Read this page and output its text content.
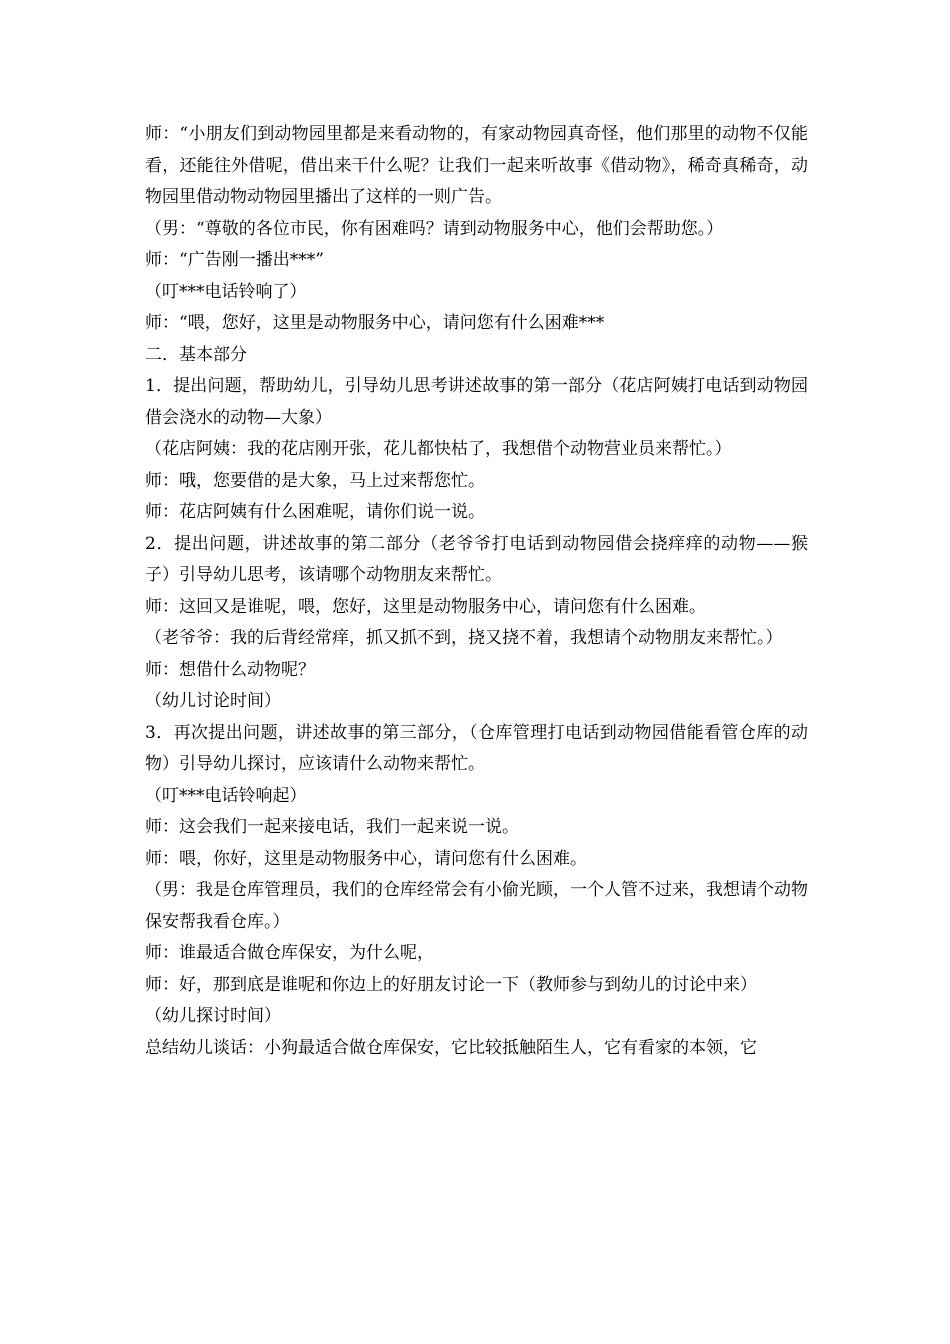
师：“小朋友们到动物园里都是来看动物的，有家动物园真奇怪，他们那里的动物不仅能看，还能往外借呢，借出来干什么呢？让我们一起来听故事《借动物》，稀奇真稀奇，动物园里借动物动物园里播出了这样的一则广告。

（男：“尊敬的各位市民，你有困难吗？请到动物服务中心，他们会帮助您。）

师：“广告刚一播出***”

（叮***电话铃响了）

师：“喂，您好，这里是动物服务中心，请问您有什么困难***

二．基本部分

1．提出问题，帮助幼儿，引导幼儿思考讲述故事的第一部分（花店阿姨打电话到动物园借会浇水的动物—大象）

（花店阿姨：我的花店刚开张，花儿都快枯了，我想借个动物营业员来帮忙。）

师：哦，您要借的是大象，马上过来帮您忙。

师：花店阿姨有什么困难呢，请你们说一说。

2．提出问题，讲述故事的第二部分（老爷爷打电话到动物园借会挠痒痒的动物——猴子）引导幼儿思考，该请哪个动物朋友来帮忙。

师：这回又是谁呢，喂，您好，这里是动物服务中心，请问您有什么困难。

（老爷爷：我的后背经常痒，抓又抓不到，挠又挠不着，我想请个动物朋友来帮忙。）

师：想借什么动物呢？

（幼儿讨论时间）

3．再次提出问题，讲述故事的第三部分，（仓库管理打电话到动物园借能看管仓库的动物）引导幼儿探讨，应该请什么动物来帮忙。

（叮***电话铃响起）

师：这会我们一起来接电话，我们一起来说一说。

师：喂，你好，这里是动物服务中心，请问您有什么困难。

（男：我是仓库管理员，我们的仓库经常会有小偷光顾，一个人管不过来，我想请个动物保安帮我看仓库。）

师：谁最适合做仓库保安，为什么呢，

师：好，那到底是谁呢和你边上的好朋友讨论一下（教师参与到幼儿的讨论中来）

（幼儿探讨时间）

总结幼儿谈话：小狗最适合做仓库保安，它比较抵触陌生人，它有看家的本领，它
